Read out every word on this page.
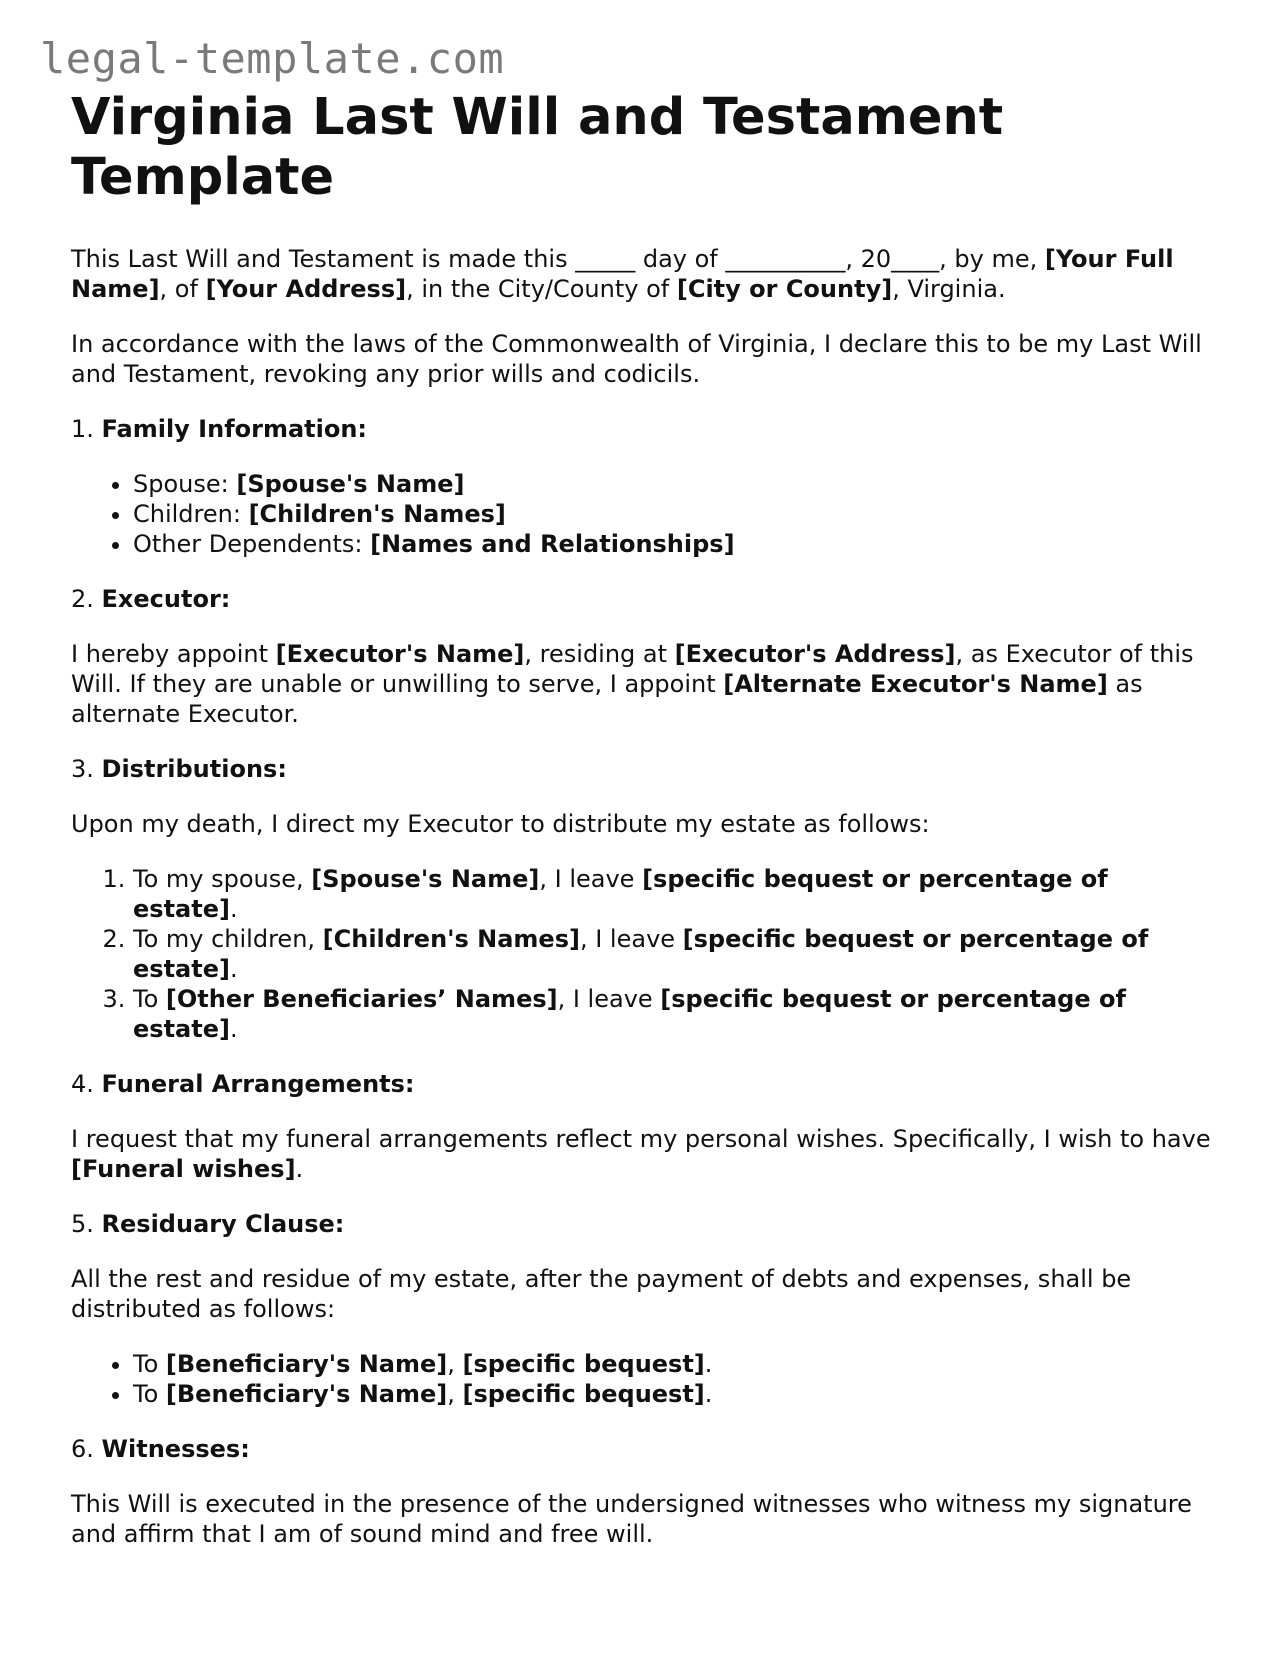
legal-template.com
Virginia Last Will and Testament Template

This Last Will and Testament is made this _____ day of __________, 20____, by me, [Your Full Name], of [Your Address], in the City/County of [City or County], Virginia.

In accordance with the laws of the Commonwealth of Virginia, I declare this to be my Last Will and Testament, revoking any prior wills and codicils.

1. Family Information:
• Spouse: [Spouse's Name]
• Children: [Children's Names]
• Other Dependents: [Names and Relationships]
2. Executor:

I hereby appoint [Executor's Name], residing at [Executor's Address], as Executor of this Will. If they are unable or unwilling to serve, I appoint [Alternate Executor's Name] as alternate Executor.

3. Distributions:

Upon my death, I direct my Executor to distribute my estate as follows:

1. To my spouse, [Spouse's Name], I leave [specific bequest or percentage of estate].
2. To my children, [Children's Names], I leave [specific bequest or percentage of estate].
3. To [Other Beneficiaries’ Names], I leave [specific bequest or percentage of estate].
4. Funeral Arrangements:

I request that my funeral arrangements reflect my personal wishes. Specifically, I wish to have [Funeral wishes].

5. Residuary Clause:

All the rest and residue of my estate, after the payment of debts and expenses, shall be distributed as follows:

• To [Beneficiary's Name], [specific bequest].
• To [Beneficiary's Name], [specific bequest].
6. Witnesses:

This Will is executed in the presence of the undersigned witnesses who witness my signature and affirm that I am of sound mind and free will.
